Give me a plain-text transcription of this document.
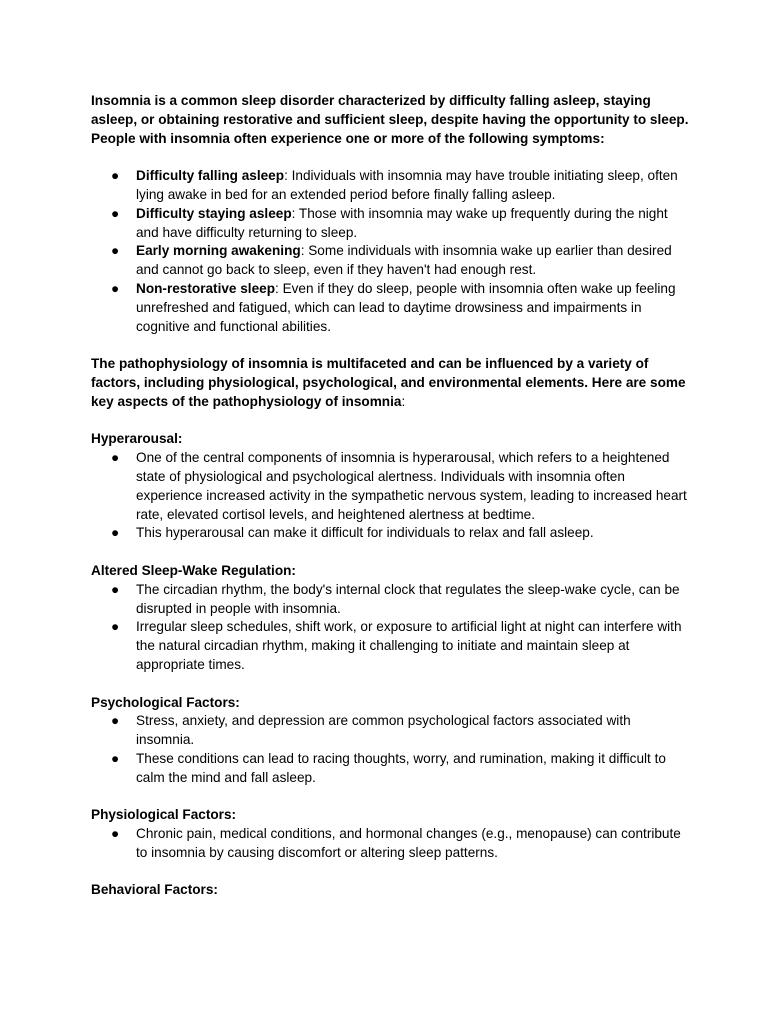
Insomnia is a common sleep disorder characterized by difficulty falling asleep, staying asleep, or obtaining restorative and sufficient sleep, despite having the opportunity to sleep. People with insomnia often experience one or more of the following symptoms:

●	Difficulty falling asleep: Individuals with insomnia may have trouble initiating sleep, often lying awake in bed for an extended period before finally falling asleep.
●	Difficulty staying asleep: Those with insomnia may wake up frequently during the night and have difficulty returning to sleep.
●	Early morning awakening: Some individuals with insomnia wake up earlier than desired and cannot go back to sleep, even if they haven't had enough rest.
●	Non-restorative sleep: Even if they do sleep, people with insomnia often wake up feeling unrefreshed and fatigued, which can lead to daytime drowsiness and impairments in cognitive and functional abilities.

The pathophysiology of insomnia is multifaceted and can be influenced by a variety of factors, including physiological, psychological, and environmental elements. Here are some key aspects of the pathophysiology of insomnia:

Hyperarousal:

●	One of the central components of insomnia is hyperarousal, which refers to a heightened state of physiological and psychological alertness. Individuals with insomnia often experience increased activity in the sympathetic nervous system, leading to increased heart rate, elevated cortisol levels, and heightened alertness at bedtime.
●	This hyperarousal can make it difficult for individuals to relax and fall asleep.

Altered Sleep-Wake Regulation:

●	The circadian rhythm, the body's internal clock that regulates the sleep-wake cycle, can be disrupted in people with insomnia.
●	Irregular sleep schedules, shift work, or exposure to artificial light at night can interfere with the natural circadian rhythm, making it challenging to initiate and maintain sleep at appropriate times.

Psychological Factors:

●	Stress, anxiety, and depression are common psychological factors associated with insomnia.
●	These conditions can lead to racing thoughts, worry, and rumination, making it difficult to calm the mind and fall asleep.

Physiological Factors:

●	Chronic pain, medical conditions, and hormonal changes (e.g., menopause) can contribute to insomnia by causing discomfort or altering sleep patterns.

Behavioral Factors:
